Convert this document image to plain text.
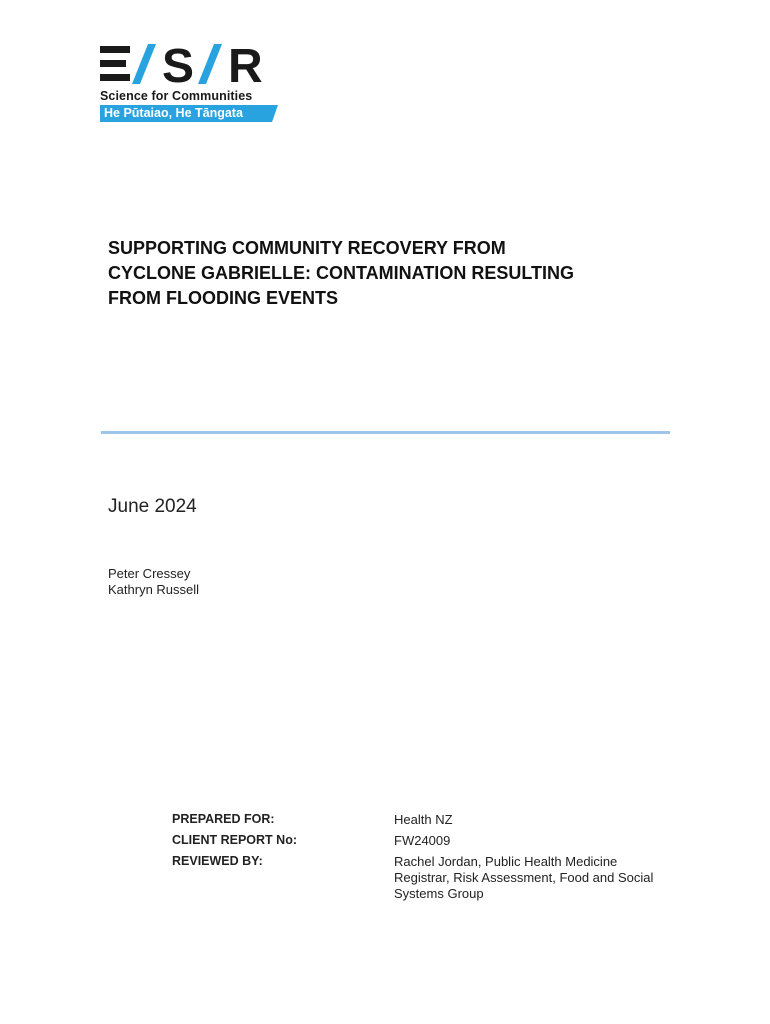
S R
Science for Communities
He Pūtaiao, He Tāngata
SUPPORTING COMMUNITY RECOVERY FROM
CYCLONE GABRIELLE: CONTAMINATION RESULTING
FROM FLOODING EVENTS
June 2024
Peter Cressey
Kathryn Russell
PREPARED FOR:	Health NZ
CLIENT REPORT No:	FW24009
REVIEWED BY:	Rachel Jordan, Public Health Medicine Registrar, Risk Assessment, Food and Social Systems Group
